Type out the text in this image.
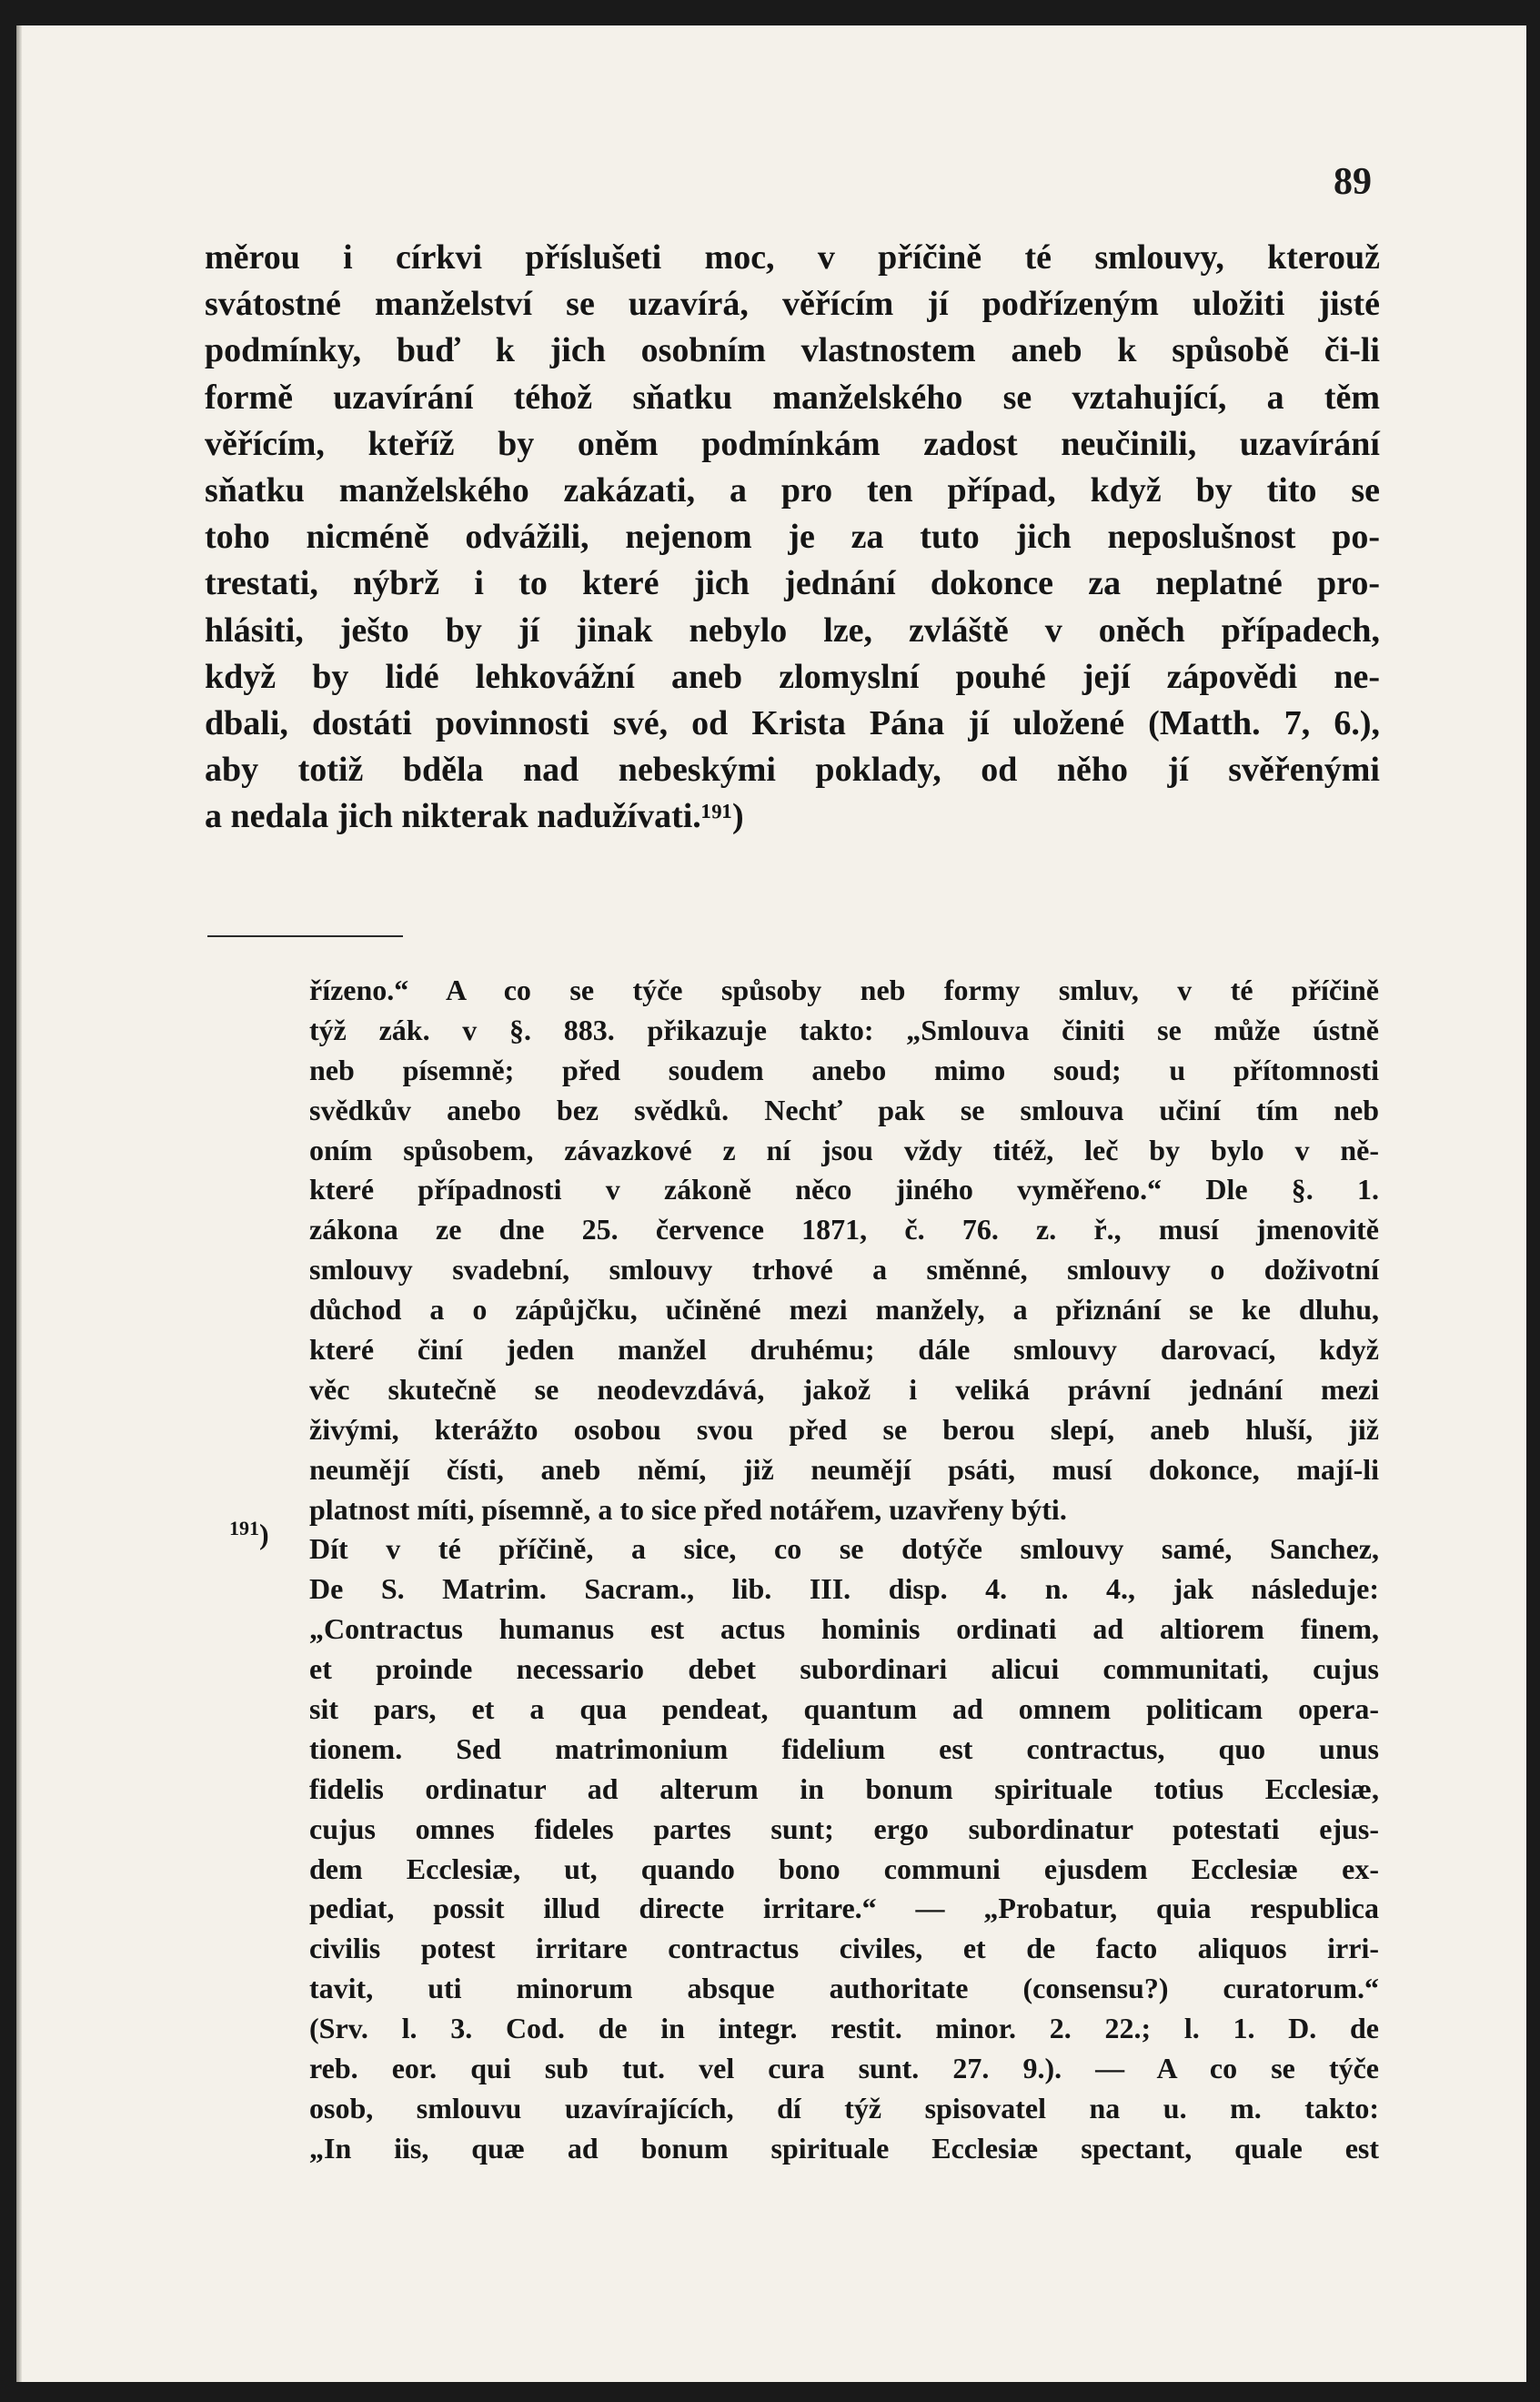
89
měrou i církvi příslušeti moc, v příčině té smlouvy, kterouž
svátostné manželství se uzavírá, věřícím jí podřízeným uložiti jisté
podmínky, buď k jich osobním vlastnostem aneb k spůsobě či-li
formě uzavírání téhož sňatku manželského se vztahující, a těm
věřícím, kteříž by oněm podmínkám zadost neučinili, uzavírání
sňatku manželského zakázati, a pro ten případ, když by tito se
toho nicméně odvážili, nejenom je za tuto jich neposlušnost po-
trestati, nýbrž i to které jich jednání dokonce za neplatné pro-
hlásiti, ješto by jí jinak nebylo lze, zvláště v oněch případech,
když by lidé lehkovážní aneb zlomyslní pouhé její zápovědi ne-
dbali, dostáti povinnosti své, od Krista Pána jí uložené (Matth. 7, 6.),
aby totiž bděla nad nebeskými poklady, od něho jí svěřenými
a nedala jich nikterak nadužívati.¹⁹¹)
řízeno.“ A co se týče spůsoby neb formy smluv, v té příčině
týž zák. v §. 883. přikazuje takto: „Smlouva činiti se může ústně
neb písemně; před soudem anebo mimo soud; u přítomnosti
svědkův anebo bez svědků. Nechť pak se smlouva učiní tím neb
oním spůsobem, závazkové z ní jsou vždy titéž, leč by bylo v ně-
které případnosti v zákoně něco jiného vyměřeno.“ Dle §. 1.
zákona ze dne 25. července 1871, č. 76. z. ř., musí jmenovitě
smlouvy svadební, smlouvy trhové a směnné, smlouvy o doživotní
důchod a o zápůjčku, učiněné mezi manžely, a přiznání se ke dluhu,
které činí jeden manžel druhému; dále smlouvy darovací, když
věc skutečně se neodevzdává, jakož i veliká právní jednání mezi
živými, kterážto osobou svou před se berou slepí, aneb hluší, již
neumějí čísti, aneb němí, již neumějí psáti, musí dokonce, mají-li
platnost míti, písemně, a to sice před notářem, uzavřeny býti.
Dít v té příčině, a sice, co se dotýče smlouvy samé, Sanchez,
De S. Matrim. Sacram., lib. III. disp. 4. n. 4., jak následuje:
„Contractus humanus est actus hominis ordinati ad altiorem finem,
et proinde necessario debet subordinari alicui communitati, cujus
sit pars, et a qua pendeat, quantum ad omnem politicam opera-
tionem. Sed matrimonium fidelium est contractus, quo unus
fidelis ordinatur ad alterum in bonum spirituale totius Ecclesiæ,
cujus omnes fideles partes sunt; ergo subordinatur potestati ejus-
dem Ecclesiæ, ut, quando bono communi ejusdem Ecclesiæ ex-
pediat, possit illud directe irritare.“ — „Probatur, quia respublica
civilis potest irritare contractus civiles, et de facto aliquos irri-
tavit, uti minorum absque authoritate (consensu?) curatorum.“
(Srv. l. 3. Cod. de in integr. restit. minor. 2. 22.; l. 1. D. de
reb. eor. qui sub tut. vel cura sunt. 27. 9.). — A co se týče
osob, smlouvu uzavírajících, dí týž spisovatel na u. m. takto:
„In iis, quæ ad bonum spirituale Ecclesiæ spectant, quale est
$^{191}$)
